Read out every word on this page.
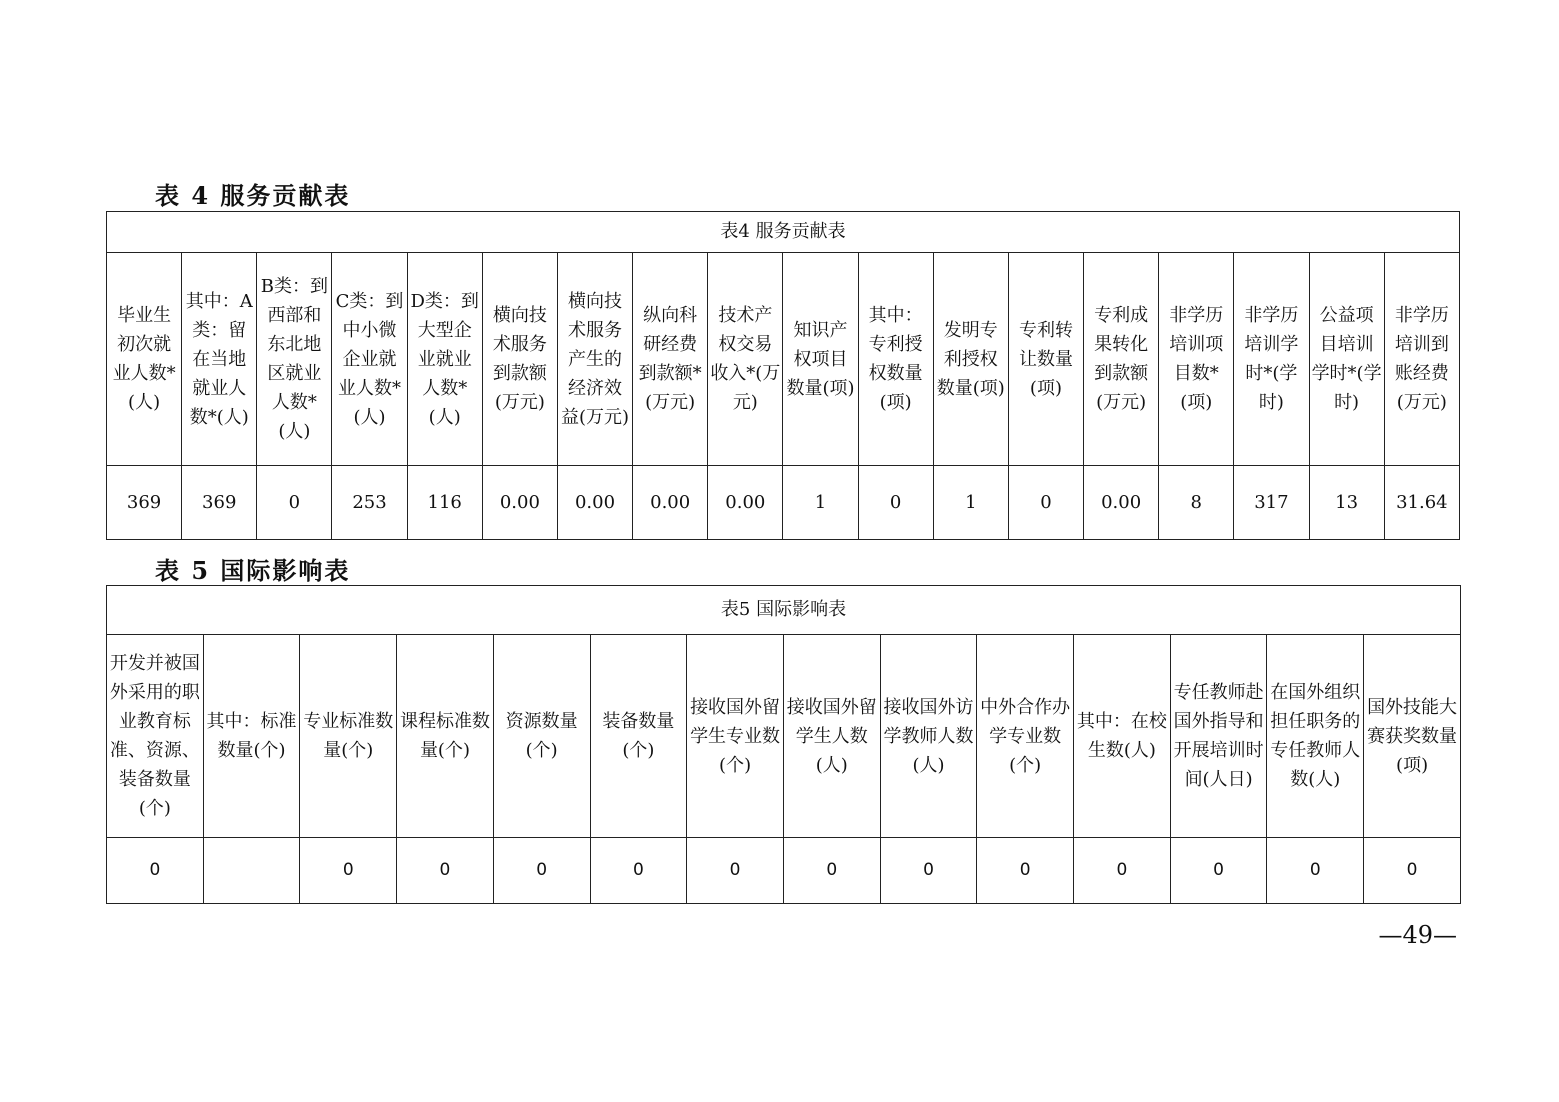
表 4 服务贡献表
表4 服务贡献表																	
毕业生初次就业人数*(人)	其中：A类：留在当地就业人数*(人)	B类：到西部和东北地区就业人数*(人)	C类：到中小微企业就业人数*(人)	D类：到大型企业就业人数*(人)	横向技术服务到款额(万元)	横向技术服务产生的经济效益(万元)	纵向科研经费到款额*(万元)	技术产权交易收入*(万元)	知识产权项目数量(项)	其中：专利授权数量(项)	发明专利授权数量(项)	专利转让数量(项)	专利成果转化到款额(万元)	非学历培训项目数*(项)	非学历培训学时*(学时)	公益项目培训学时*(学时)	非学历培训到账经费(万元)
369	369	0	253	116	0.00	0.00	0.00	0.00	1	0	1	0	0.00	8	317	13	31.64
表 5 国际影响表
表5 国际影响表													
开发并被国外采用的职业教育标准、资源、装备数量(个)	其中：标准数量(个)	专业标准数量(个)	课程标准数量(个)	资源数量(个)	装备数量(个)	接收国外留学生专业数(个)	接收国外留学生人数(人)	接收国外访学教师人数(人)	中外合作办学专业数(个)	其中：在校生数(人)	专任教师赴国外指导和开展培训时间(人日)	在国外组织担任职务的专任教师人数(人)	国外技能大赛获奖数量(项)
0		0	0	0	0	0	0	0	0	0	0	0	0
—49—
